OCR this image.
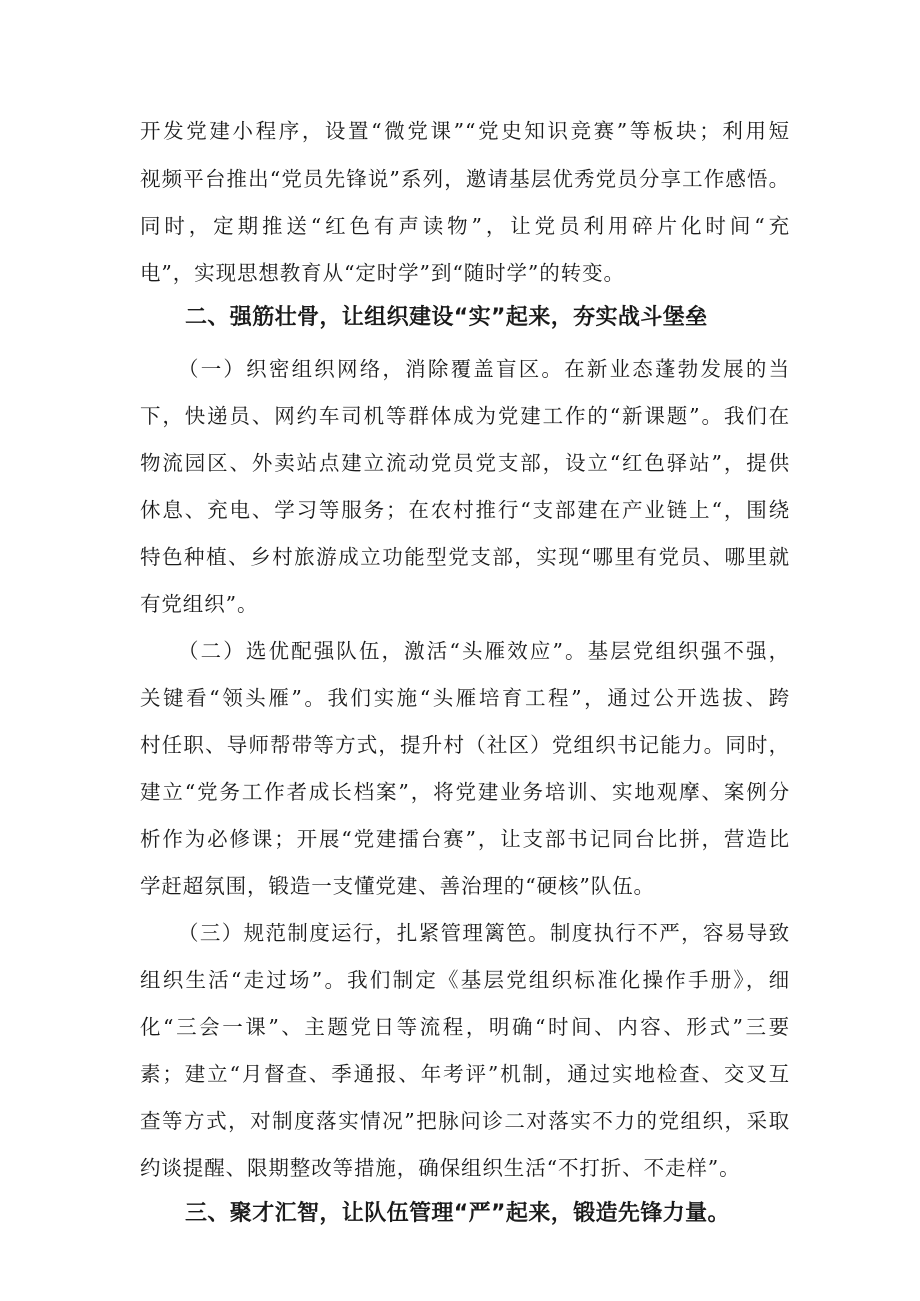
开发党建小程序，设置“微党课”“党史知识竞赛”等板块；利用短
视频平台推出“党员先锋说”系列，邀请基层优秀党员分享工作感悟。
同时，定期推送“红色有声读物”，让党员利用碎片化时间“充
电”，实现思想教育从“定时学”到“随时学”的转变。
二、强筋壮骨，让组织建设“实”起来，夯实战斗堡垒
（一）织密组织网络，消除覆盖盲区。在新业态蓬勃发展的当
下，快递员、网约车司机等群体成为党建工作的“新课题”。我们在
物流园区、外卖站点建立流动党员党支部，设立“红色驿站”，提供
休息、充电、学习等服务；在农村推行“支部建在产业链上“，围绕
特色种植、乡村旅游成立功能型党支部，实现“哪里有党员、哪里就
有党组织”。
（二）选优配强队伍，激活“头雁效应”。基层党组织强不强，
关键看“领头雁”。我们实施“头雁培育工程”，通过公开选拔、跨
村任职、导师帮带等方式，提升村（社区）党组织书记能力。同时，
建立“党务工作者成长档案”，将党建业务培训、实地观摩、案例分
析作为必修课；开展“党建擂台赛”，让支部书记同台比拼，营造比
学赶超氛围，锻造一支懂党建、善治理的“硬核”队伍。
（三）规范制度运行，扎紧管理篱笆。制度执行不严，容易导致
组织生活“走过场”。我们制定《基层党组织标准化操作手册》，细
化“三会一课”、主题党日等流程，明确“时间、内容、形式”三要
素；建立“月督查、季通报、年考评”机制，通过实地检查、交叉互
查等方式，对制度落实情况”把脉问诊二对落实不力的党组织，采取
约谈提醒、限期整改等措施，确保组织生活“不打折、不走样”。
三、聚才汇智，让队伍管理“严”起来，锻造先锋力量。
